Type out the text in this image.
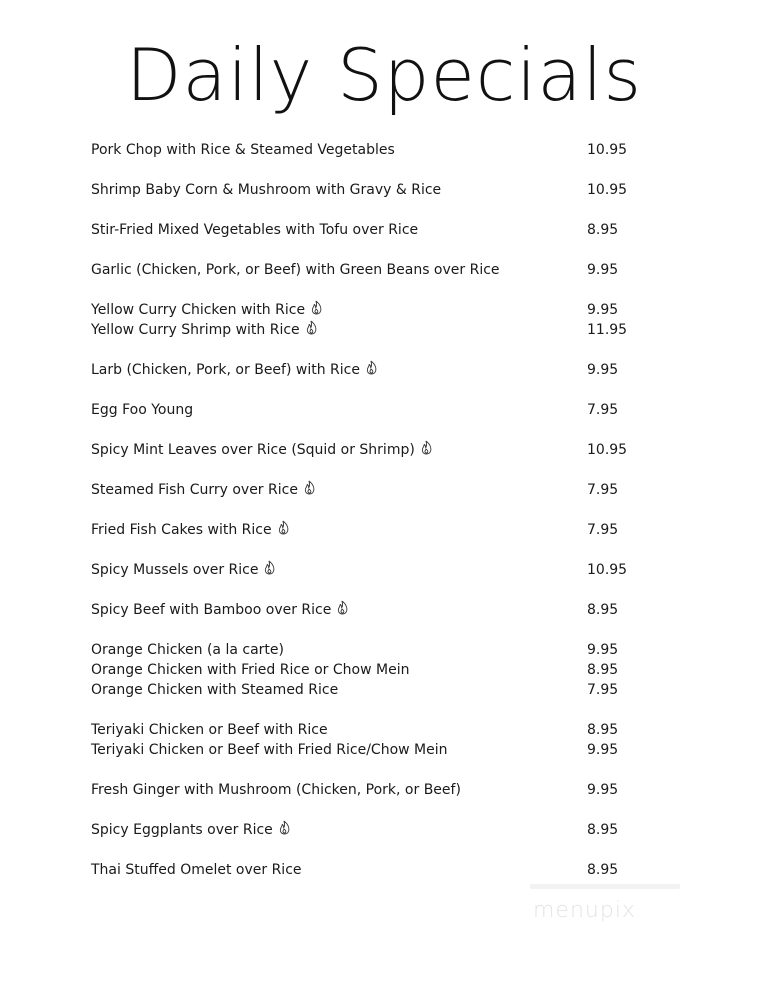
Daily Specials
Pork Chop with Rice & Steamed Vegetables	10.95
Shrimp Baby Corn & Mushroom with Gravy & Rice	10.95
Stir-Fried Mixed Vegetables with Tofu over Rice	8.95
Garlic (Chicken, Pork, or Beef) with Green Beans over Rice	9.95
Yellow Curry Chicken with Rice	9.95
Yellow Curry Shrimp with Rice	11.95
Larb (Chicken, Pork, or Beef) with Rice	9.95
Egg Foo Young	7.95
Spicy Mint Leaves over Rice (Squid or Shrimp)	10.95
Steamed Fish Curry over Rice	7.95
Fried Fish Cakes with Rice	7.95
Spicy Mussels over Rice	10.95
Spicy Beef with Bamboo over Rice	8.95
Orange Chicken (a la carte)	9.95
Orange Chicken with Fried Rice or Chow Mein	8.95
Orange Chicken with Steamed Rice	7.95
Teriyaki Chicken or Beef with Rice	8.95
Teriyaki Chicken or Beef with Fried Rice/Chow Mein	9.95
Fresh Ginger with Mushroom (Chicken, Pork, or Beef)	9.95
Spicy Eggplants over Rice	8.95
Thai Stuffed Omelet over Rice	8.95
menupix
